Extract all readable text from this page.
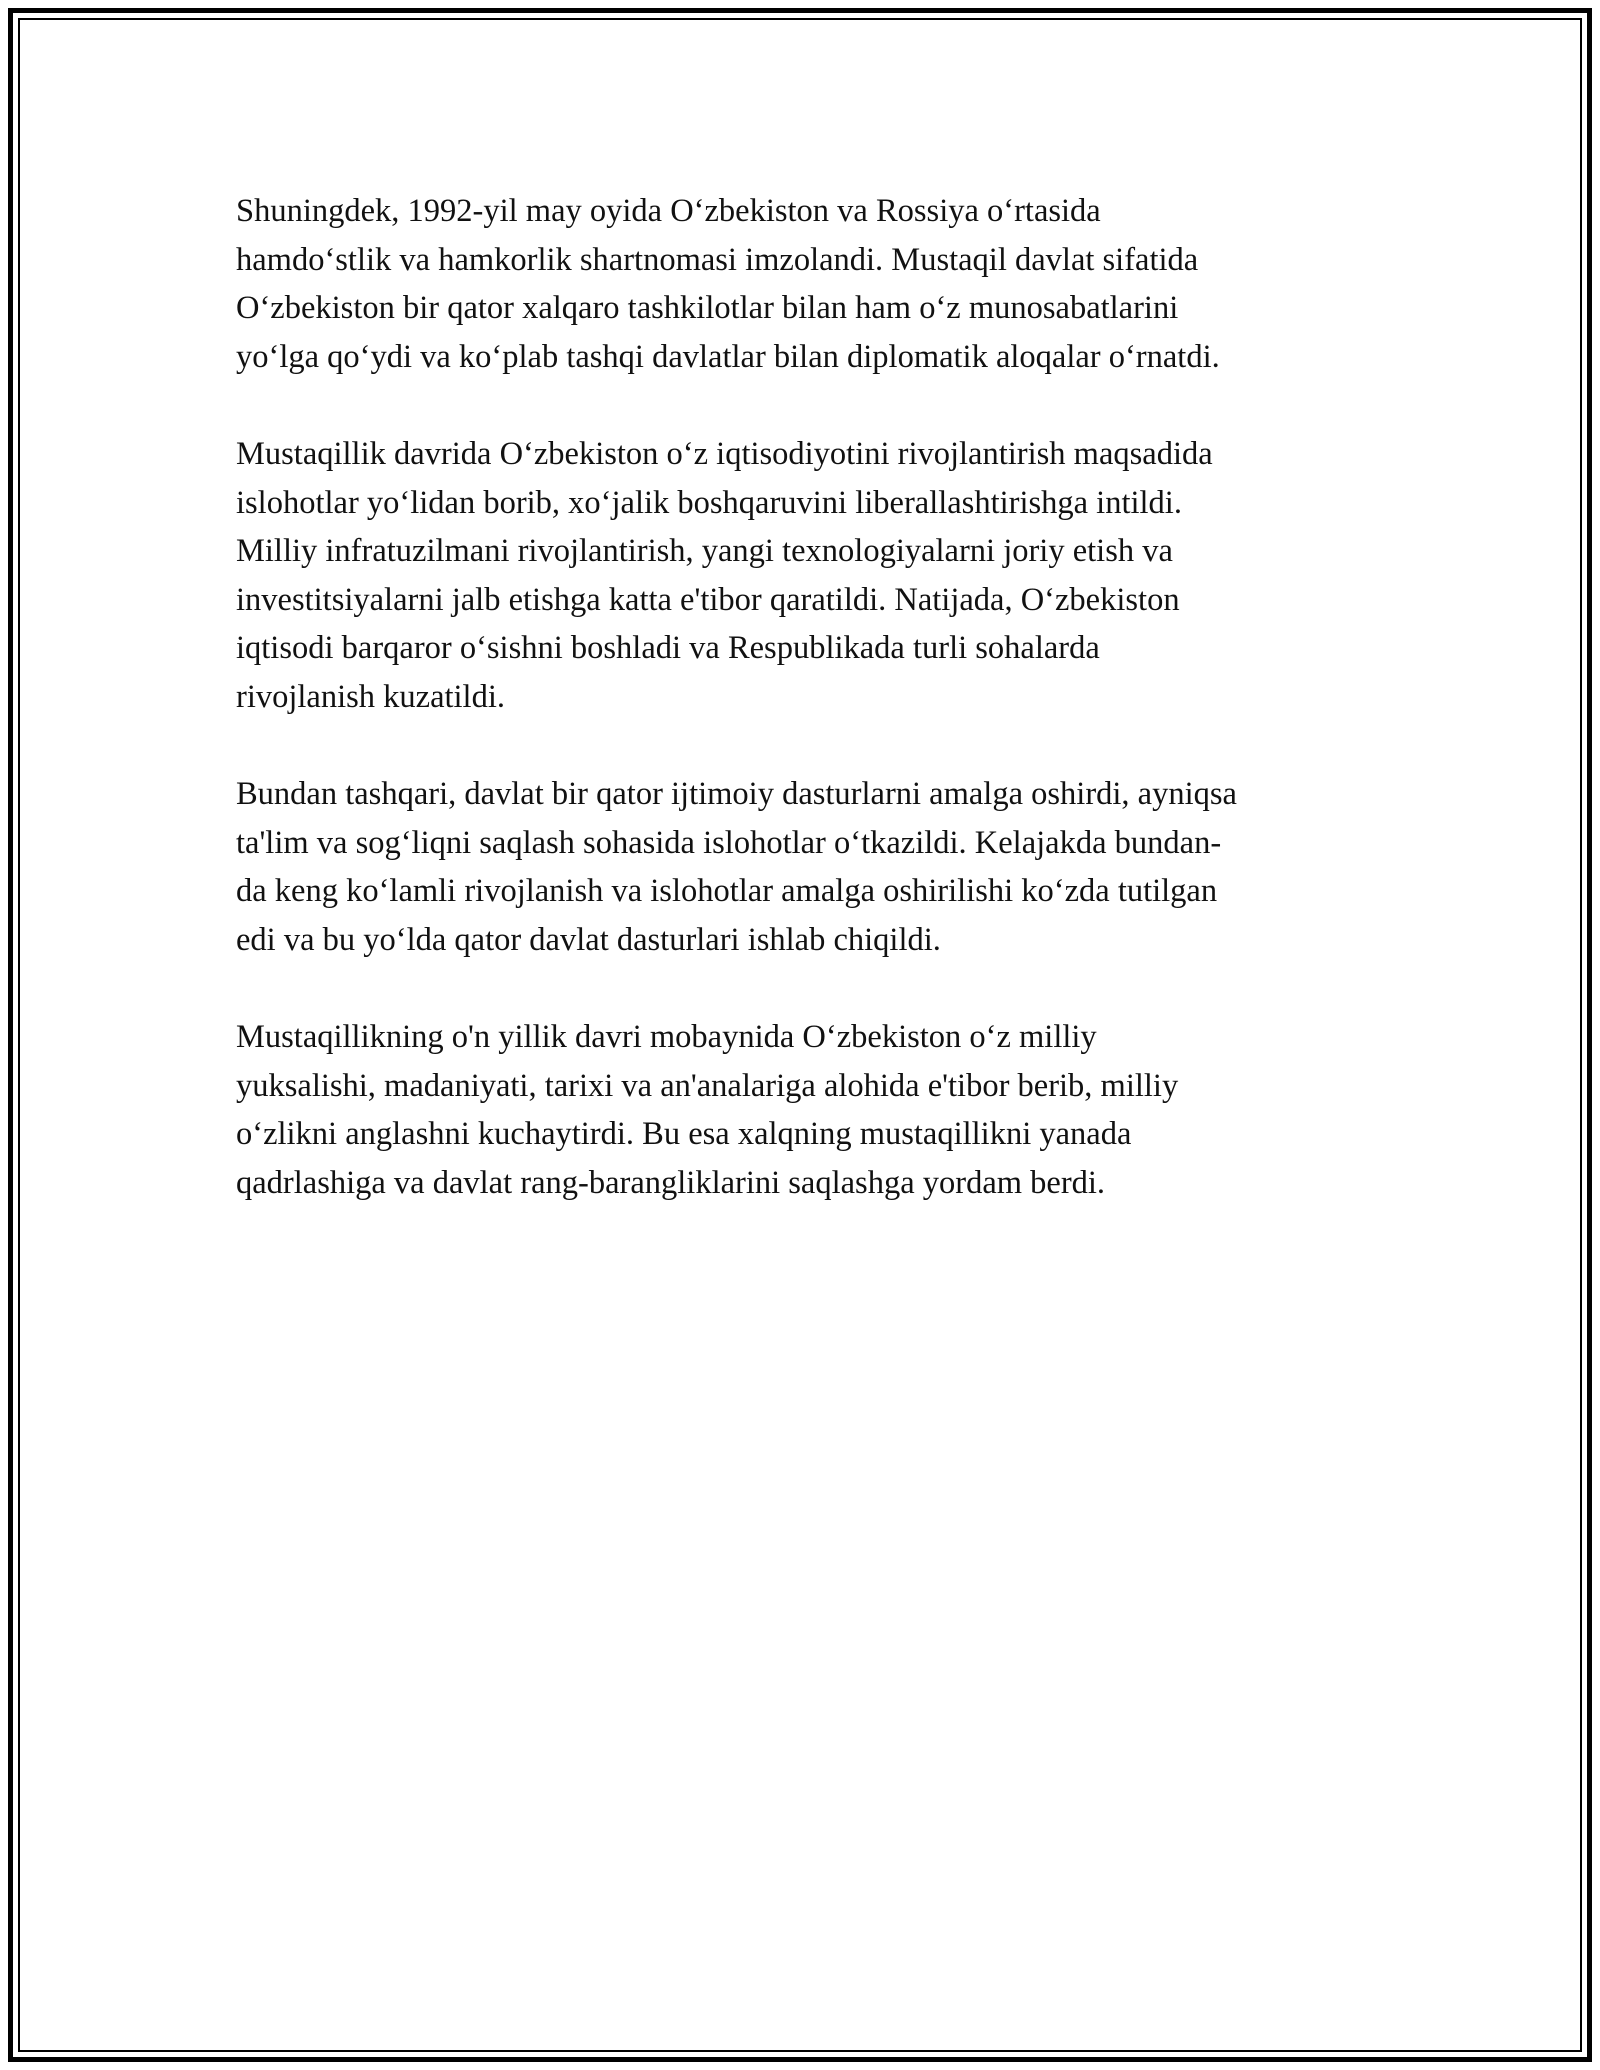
Shuningdek, 1992-yil may oyida O‘zbekiston va Rossiya o‘rtasida
hamdo‘stlik va hamkorlik shartnomasi imzolandi. Mustaqil davlat sifatida
O‘zbekiston bir qator xalqaro tashkilotlar bilan ham o‘z munosabatlarini
yo‘lga qo‘ydi va ko‘plab tashqi davlatlar bilan diplomatik aloqalar o‘rnatdi.

Mustaqillik davrida O‘zbekiston o‘z iqtisodiyotini rivojlantirish maqsadida
islohotlar yo‘lidan borib, xo‘jalik boshqaruvini liberallashtirishga intildi.
Milliy infratuzilmani rivojlantirish, yangi texnologiyalarni joriy etish va
investitsiyalarni jalb etishga katta e'tibor qaratildi. Natijada, O‘zbekiston
iqtisodi barqaror o‘sishni boshladi va Respublikada turli sohalarda
rivojlanish kuzatildi.

Bundan tashqari, davlat bir qator ijtimoiy dasturlarni amalga oshirdi, ayniqsa
ta'lim va sog‘liqni saqlash sohasida islohotlar o‘tkazildi. Kelajakda bundan-
da keng ko‘lamli rivojlanish va islohotlar amalga oshirilishi ko‘zda tutilgan
edi va bu yo‘lda qator davlat dasturlari ishlab chiqildi.

Mustaqillikning o'n yillik davri mobaynida O‘zbekiston o‘z milliy
yuksalishi, madaniyati, tarixi va an'analariga alohida e'tibor berib, milliy
o‘zlikni anglashni kuchaytirdi. Bu esa xalqning mustaqillikni yanada
qadrlashiga va davlat rang-barangliklarini saqlashga yordam berdi.
